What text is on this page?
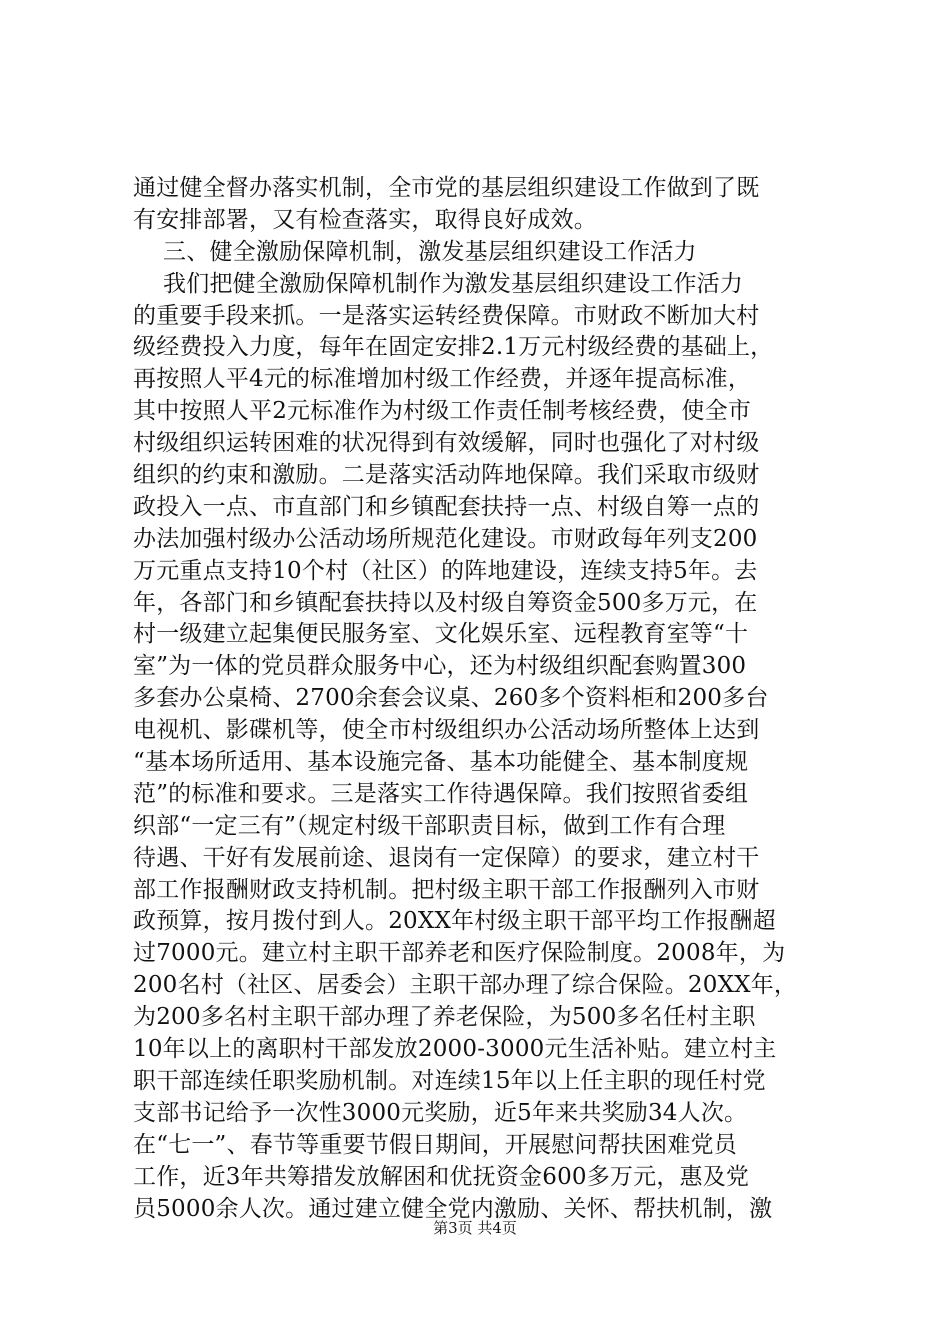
通过健全督办落实机制，全市党的基层组织建设工作做到了既
有安排部署，又有检查落实，取得良好成效。
三、健全激励保障机制，激发基层组织建设工作活力
我们把健全激励保障机制作为激发基层组织建设工作活力
的重要手段来抓。一是落实运转经费保障。市财政不断加大村
级经费投入力度，每年在固定安排2.1万元村级经费的基础上，
再按照人平4元的标准增加村级工作经费，并逐年提高标准，
其中按照人平2元标准作为村级工作责任制考核经费，使全市
村级组织运转困难的状况得到有效缓解，同时也强化了对村级
组织的约束和激励。二是落实活动阵地保障。我们采取市级财
政投入一点、市直部门和乡镇配套扶持一点、村级自筹一点的
办法加强村级办公活动场所规范化建设。市财政每年列支200
万元重点支持10个村（社区）的阵地建设，连续支持5年。去
年，各部门和乡镇配套扶持以及村级自筹资金500多万元，在
村一级建立起集便民服务室、文化娱乐室、远程教育室等“十
室”为一体的党员群众服务中心，还为村级组织配套购置300
多套办公桌椅、2700余套会议桌、260多个资料柜和200多台
电视机、影碟机等，使全市村级组织办公活动场所整体上达到
“基本场所适用、基本设施完备、基本功能健全、基本制度规
范”的标准和要求。三是落实工作待遇保障。我们按照省委组
织部“一定三有”（规定村级干部职责目标，做到工作有合理
待遇、干好有发展前途、退岗有一定保障）的要求，建立村干
部工作报酬财政支持机制。把村级主职干部工作报酬列入市财
政预算，按月拨付到人。20XX年村级主职干部平均工作报酬超
过7000元。建立村主职干部养老和医疗保险制度。2008年，为
200名村（社区、居委会）主职干部办理了综合保险。20XX年，
为200多名村主职干部办理了养老保险，为500多名任村主职
10年以上的离职村干部发放2000-3000元生活补贴。建立村主
职干部连续任职奖励机制。对连续15年以上任主职的现任村党
支部书记给予一次性3000元奖励，近5年来共奖励34人次。
在“七一”、春节等重要节假日期间，开展慰问帮扶困难党员
工作，近3年共筹措发放解困和优抚资金600多万元，惠及党
员5000余人次。通过建立健全党内激励、关怀、帮扶机制，激
第3页 共4页
